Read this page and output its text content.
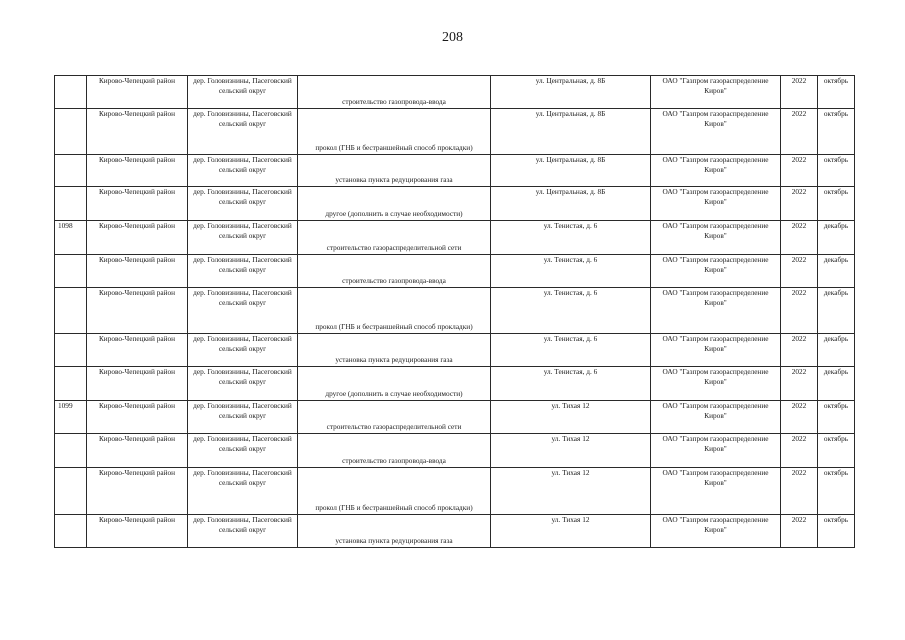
208
	Кирово-Чепецкий район	дер. Головизнины, Пасеговский сельский округ	строительство газопровода-ввода	ул. Центральная, д. 8Б	ОАО "Газпром газораспределение Киров"	2022	октябрь
	Кирово-Чепецкий район	дер. Головизнины, Пасеговский сельский округ	прокол (ГНБ и бестраншейный способ прокладки)	ул. Центральная, д. 8Б	ОАО "Газпром газораспределение Киров"	2022	октябрь
	Кирово-Чепецкий район	дер. Головизнины, Пасеговский сельский округ	установка пункта редуцирования газа	ул. Центральная, д. 8Б	ОАО "Газпром газораспределение Киров"	2022	октябрь
	Кирово-Чепецкий район	дер. Головизнины, Пасеговский сельский округ	другое (дополнить в случае необходимости)	ул. Центральная, д. 8Б	ОАО "Газпром газораспределение Киров"	2022	октябрь
1098	Кирово-Чепецкий район	дер. Головизнины, Пасеговский сельский округ	строительство газораспределительной сети	ул. Тенистая, д. 6	ОАО "Газпром газораспределение Киров"	2022	декабрь
	Кирово-Чепецкий район	дер. Головизнины, Пасеговский сельский округ	строительство газопровода-ввода	ул. Тенистая, д. 6	ОАО "Газпром газораспределение Киров"	2022	декабрь
	Кирово-Чепецкий район	дер. Головизнины, Пасеговский сельский округ	прокол (ГНБ и бестраншейный способ прокладки)	ул. Тенистая, д. 6	ОАО "Газпром газораспределение Киров"	2022	декабрь
	Кирово-Чепецкий район	дер. Головизнины, Пасеговский сельский округ	установка пункта редуцирования газа	ул. Тенистая, д. 6	ОАО "Газпром газораспределение Киров"	2022	декабрь
	Кирово-Чепецкий район	дер. Головизнины, Пасеговский сельский округ	другое (дополнить в случае необходимости)	ул. Тенистая, д. 6	ОАО "Газпром газораспределение Киров"	2022	декабрь
1099	Кирово-Чепецкий район	дер. Головизнины, Пасеговский сельский округ	строительство газораспределительной сети	ул. Тихая 12	ОАО "Газпром газораспределение Киров"	2022	октябрь
	Кирово-Чепецкий район	дер. Головизнины, Пасеговский сельский округ	строительство газопровода-ввода	ул. Тихая 12	ОАО "Газпром газораспределение Киров"	2022	октябрь
	Кирово-Чепецкий район	дер. Головизнины, Пасеговский сельский округ	прокол (ГНБ и бестраншейный способ прокладки)	ул. Тихая 12	ОАО "Газпром газораспределение Киров"	2022	октябрь
	Кирово-Чепецкий район	дер. Головизнины, Пасеговский сельский округ	установка пункта редуцирования газа	ул. Тихая 12	ОАО "Газпром газораспределение Киров"	2022	октябрь
